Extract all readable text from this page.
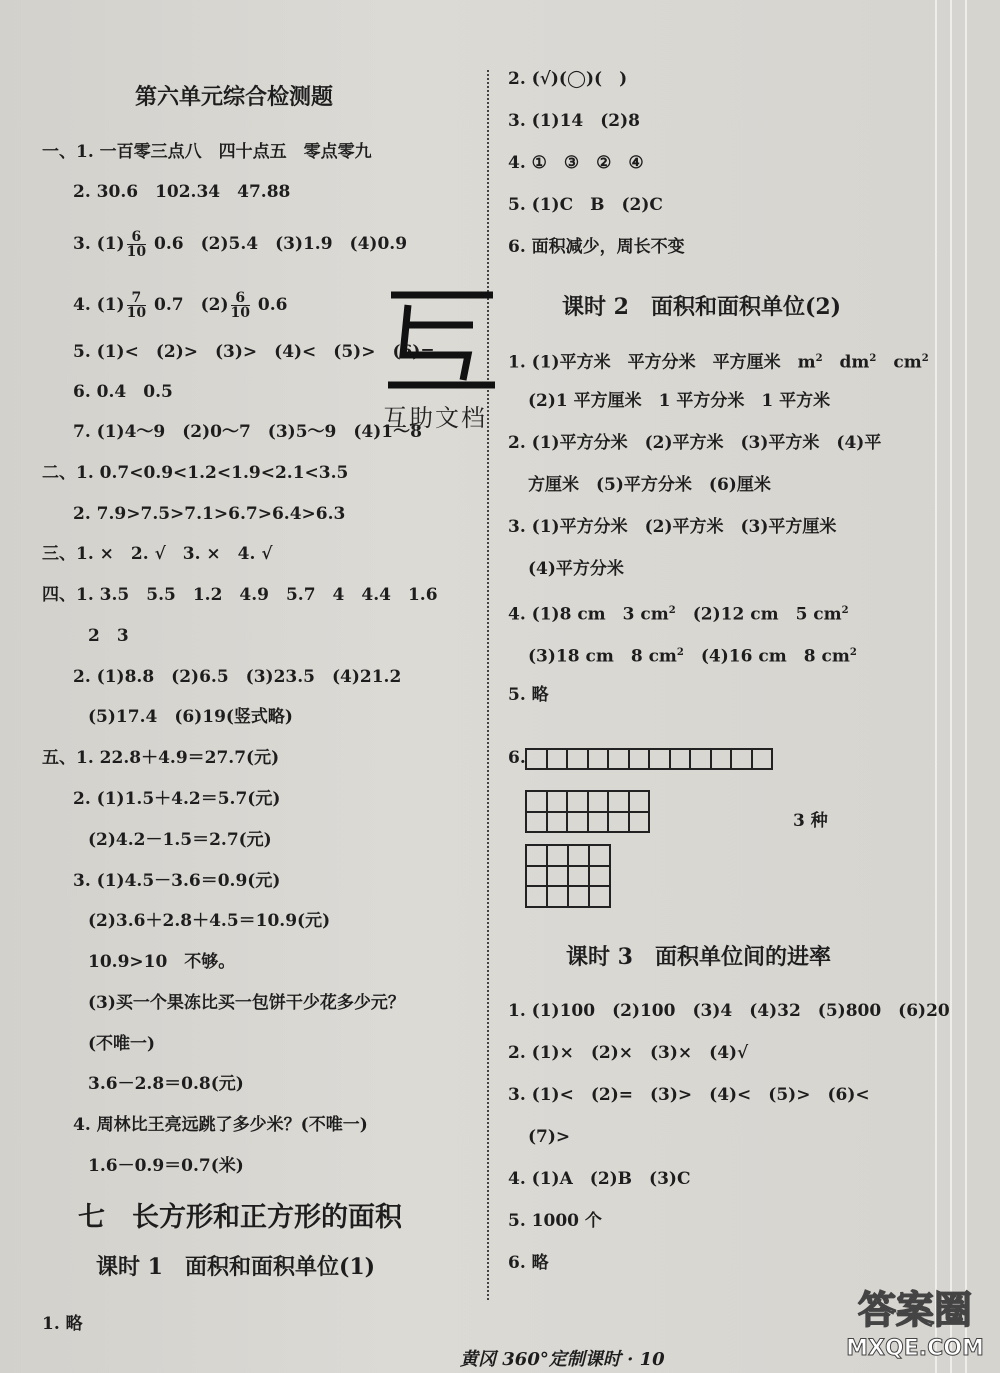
第六单元综合检测题
一、1. 一百零三点八　四十点五　零点零九
2. 30.6　102.34　47.88
3. $(1) \frac{6}{10} 0.6$　(2)5.4　(3)1.9　(4)0.9
4. $(1) \frac{7}{10} 0.7$　$(2) \frac{6}{10} 0.6$
5. (1)<　(2)>　(3)>　(4)<　(5)>　(6)=
6. 0.4　0.5
7. (1)4～9　(2)0～7　(3)5～9　(4)1～8
二、1. 0.7<0.9<1.2<1.9<2.1<3.5
2. 7.9>7.5>7.1>6.7>6.4>6.3
三、1. ×　2. √　3. ×　4. √
四、1. 3.5　5.5　1.2　4.9　5.7　4　4.4　1.6
2　3
2. (1)8.8　(2)6.5　(3)23.5　(4)21.2
(5)17.4　(6)19(竖式略)
五、1. 22.8＋4.9＝27.7(元)
2. (1)1.5＋4.2＝5.7(元)
(2)4.2－1.5＝2.7(元)
3. (1)4.5－3.6＝0.9(元)
(2)3.6＋2.8＋4.5＝10.9(元)
10.9>10　不够。
(3)买一个果冻比买一包饼干少花多少元？
(不唯一)
3.6－2.8＝0.8(元)
4. 周林比王亮远跳了多少米？(不唯一)
1.6－0.9＝0.7(米)
七　长方形和正方形的面积
课时 1　面积和面积单位(1)
1. 略
互助文档
2. (√)(◯)(　)
3. (1)14　(2)8
4. ①　③　②　④
5. (1)C　B　(2)C
6. 面积减少，周长不变
课时 2　面积和面积单位(2)
1. (1)平方米　平方分米　平方厘米　$m^2$　 $dm^2$　 $cm^2$
(2)1 平方厘米　1 平方分米　1 平方米
2. (1)平方分米　(2)平方米　(3)平方米　(4)平
方厘米　(5)平方分米　(6)厘米
3. (1)平方分米　(2)平方米　(3)平方厘米
(4)平方分米
4. (1)8 cm　3 $cm^2$　 (2)12 cm　5 $cm^2$
(3)18 cm　8 $cm^2$　 (4)16 cm　8 $cm^2$
5. 略
6.
3 种
课时 3　面积单位间的进率
1. (1)100　(2)100　(3)4　(4)32　(5)800　(6)20
2. (1)×　(2)×　(3)×　(4)√
3. (1)<　(2)=　(3)>　(4)<　(5)>　(6)<
(7)>
4. (1)A　(2)B　(3)C
5. 1000 个
6. 略
黄冈 360°定制课时 · 10
答案圈
MXQE.COM
